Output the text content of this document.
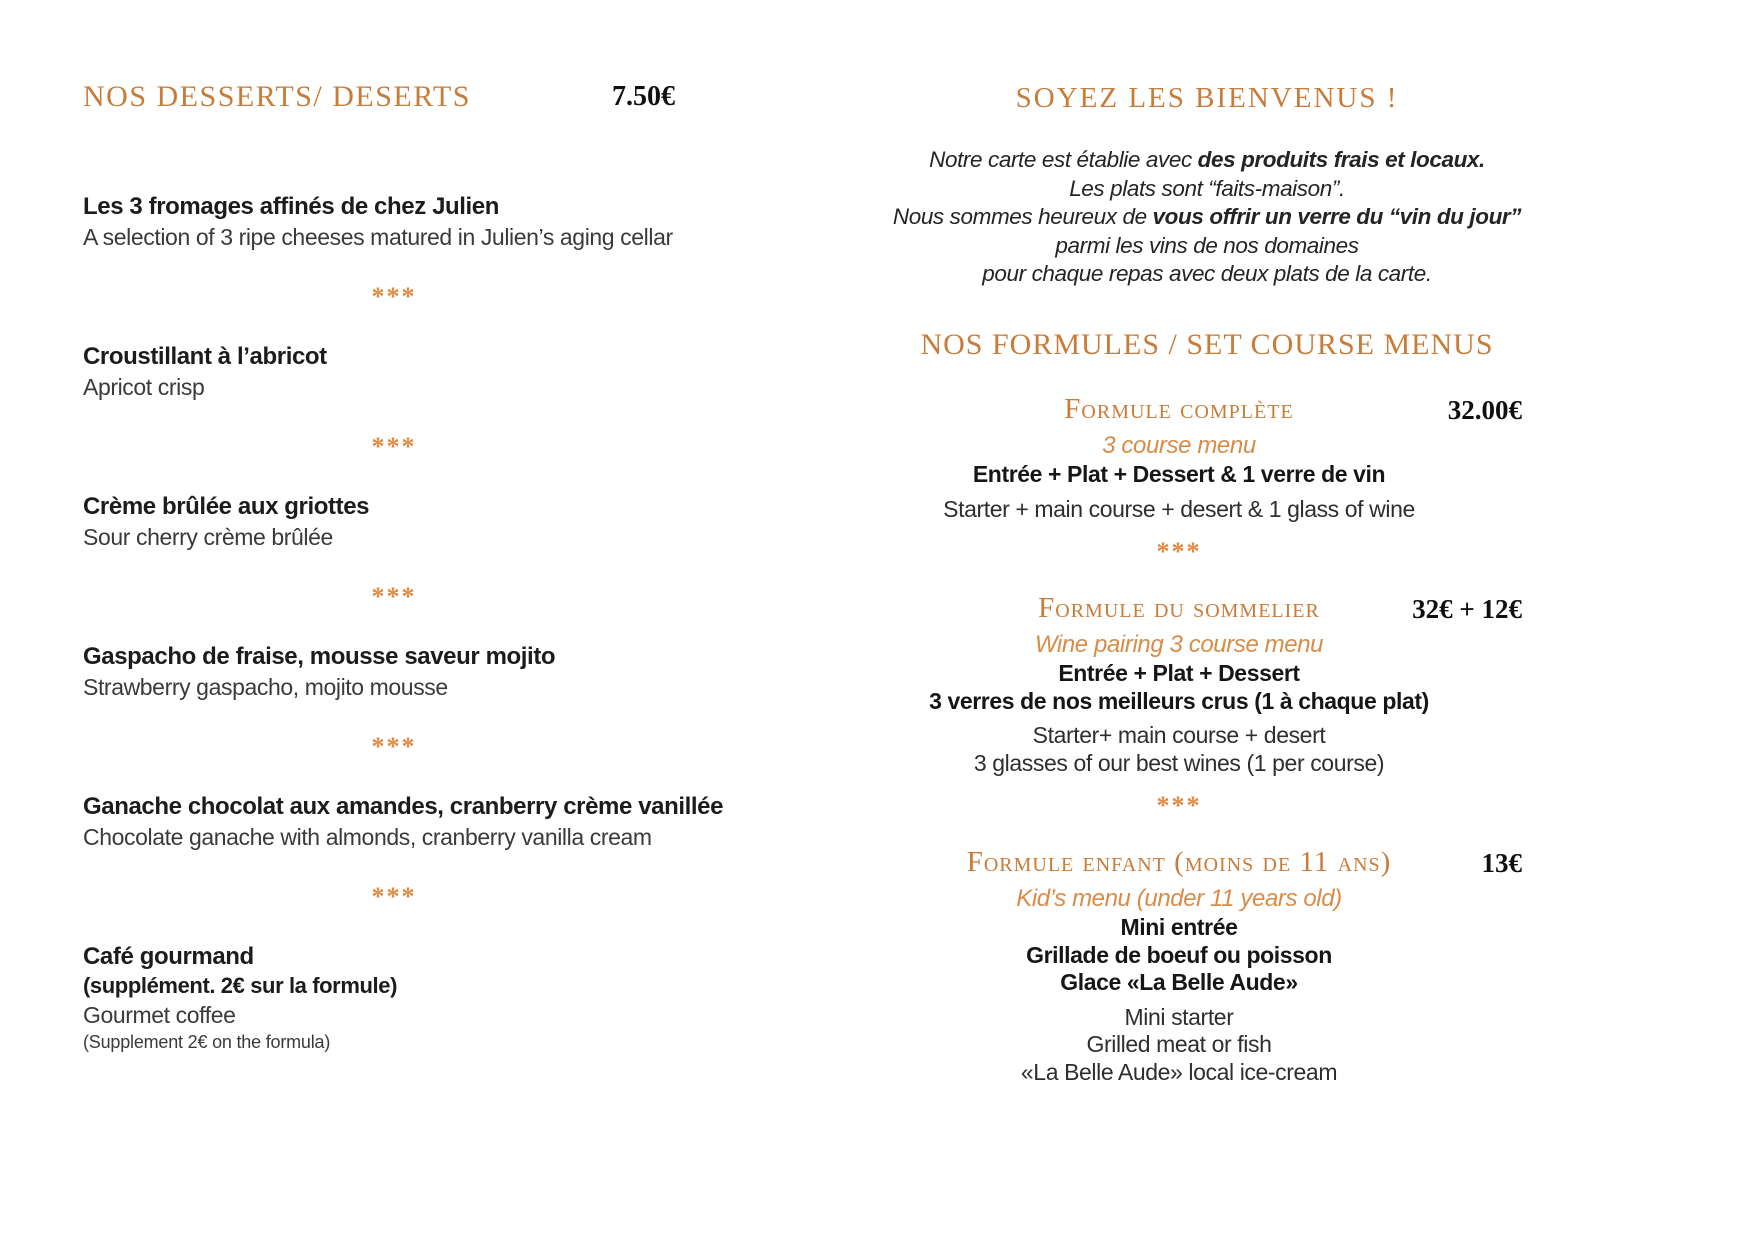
NOS DESSERTS/ DESERTS	7.50€
Les 3 fromages affinés de chez Julien
A selection of 3 ripe cheeses matured in Julien’s aging cellar
***
Croustillant à l’abricot
Apricot crisp
***
Crème brûlée aux griottes
Sour cherry crème brûlée
***
Gaspacho de fraise, mousse saveur mojito
Strawberry gaspacho, mojito mousse
***
Ganache chocolat aux amandes, cranberry crème vanillée
Chocolate ganache with almonds, cranberry vanilla cream
***
Café gourmand
(supplément. 2€ sur la formule)
Gourmet coffee
(Supplement 2€ on the formula)
SOYEZ LES BIENVENUS !
Notre carte est établie avec des produits frais et locaux.
Les plats sont “faits-maison”.
Nous sommes heureux de vous offrir un verre du “vin du jour”
parmi les vins de nos domaines
pour chaque repas avec deux plats de la carte.
NOS FORMULES / SET COURSE MENUS
Formule complète	32.00€
3 course menu
Entrée + Plat + Dessert & 1 verre de vin
Starter + main course + desert & 1 glass of wine
***
Formule du sommelier	32€ + 12€
Wine pairing 3 course menu
Entrée + Plat + Dessert
3 verres de nos meilleurs crus (1 à chaque plat)
Starter+ main course + desert
3 glasses of our best wines (1 per course)
***
Formule enfant (moins de 11 ans)	13€
Kid’s menu (under 11 years old)
Mini entrée
Grillade de boeuf ou poisson
Glace «La Belle Aude»
Mini starter
Grilled meat or fish
«La Belle Aude» local ice-cream
